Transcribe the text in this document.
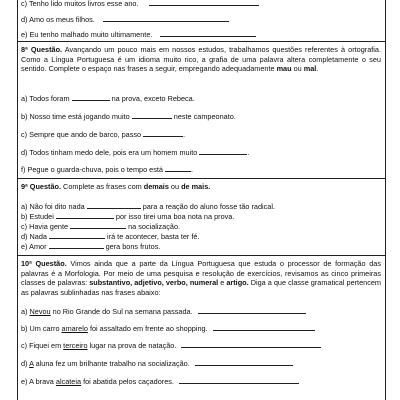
c) Tenho lido muitos livros esse ano.
d) Amo os meus filhos.
e) Eu tenho malhado muito ultimamente.
8ª Questão. Avançando um pouco mais em nossos estudos, trabalhamos questões referentes à ortografia. Como a Língua Portuguesa é um idioma muito rico, a grafia de uma palavra altera completamente o seu sentido. Complete o espaço nas frases a seguir, empregando adequadamente mau ou mal.
a) Todos foram	na prova, exceto Rebeca.
b) Nosso time está jogando muito	neste campeonato.
c) Sempre que ando de barco, passo	.
d) Todos tinham medo dele, pois era um homem muito	.
f) Pegue o guarda-chuva, pois o tempo está	.
9ª Questão. Complete as frases com demais ou de mais.
a) Não foi dito nada	para a reação do aluno fosse tão radical.
b) Estudei	por isso tirei uma boa nota na prova.
c) Havia gente	na socialização.
d) Nada	irá te acontecer, basta ter fé.
e) Amor	gera bons frutos.
10ª Questão. Vimos ainda que a parte da Língua Portuguesa que estuda o processor de formação das palavras é a Morfologia. Por meio de uma pesquisa e resolução de exercícios, revisamos as cinco primeiras classes de palavras: substantivo, adjetivo, verbo, numeral e artigo. Diga a que classe gramatical pertencem as palavras sublinhadas nas frases abaixo:
a) Nevou no Rio Grande do Sul na semana passada.
b) Um carro amarelo foi assaltado em frente ao shopping.
c) Fiquei em terceiro lugar na prova de natação.
d) A aluna fez um brilhante trabalho na socialização.
e) A brava alcateia foi abatida pelos caçadores.
